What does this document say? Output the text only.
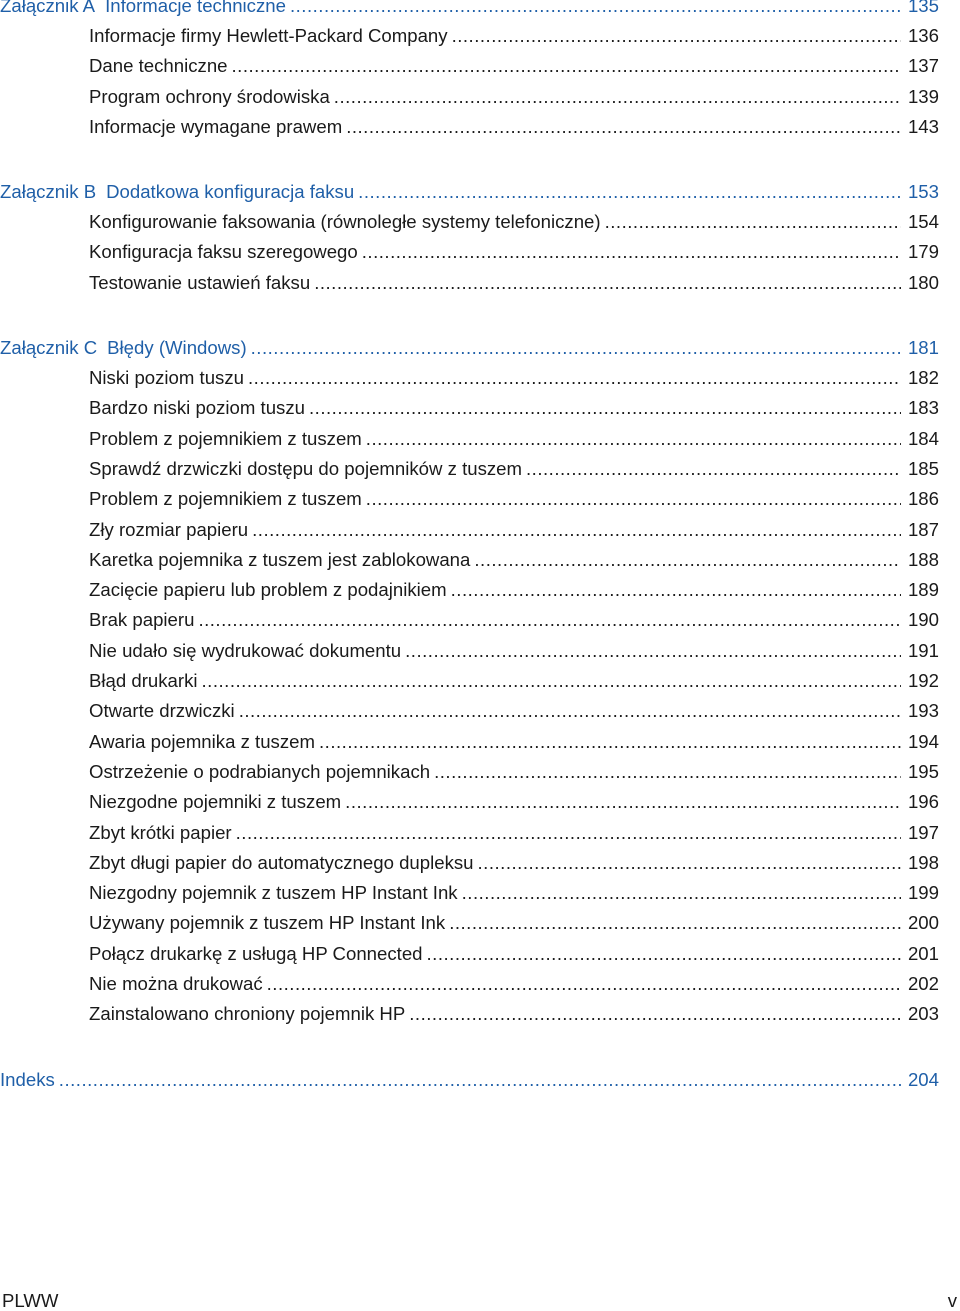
Załącznik A Informacje techniczne .....	135
Informacje firmy Hewlett-Packard Company .....	136
Dane techniczne .....	137
Program ochrony środowiska .....	139
Informacje wymagane prawem .....	143
Załącznik B Dodatkowa konfiguracja faksu .....	153
Konfigurowanie faksowania (równoległe systemy telefoniczne) .....	154
Konfiguracja faksu szeregowego .....	179
Testowanie ustawień faksu .....	180
Załącznik C Błędy (Windows) .....	181
Niski poziom tuszu .....	182
Bardzo niski poziom tuszu .....	183
Problem z pojemnikiem z tuszem .....	184
Sprawdź drzwiczki dostępu do pojemników z tuszem .....	185
Problem z pojemnikiem z tuszem .....	186
Zły rozmiar papieru .....	187
Karetka pojemnika z tuszem jest zablokowana .....	188
Zacięcie papieru lub problem z podajnikiem .....	189
Brak papieru .....	190
Nie udało się wydrukować dokumentu .....	191
Błąd drukarki .....	192
Otwarte drzwiczki .....	193
Awaria pojemnika z tuszem .....	194
Ostrzeżenie o podrabianych pojemnikach .....	195
Niezgodne pojemniki z tuszem .....	196
Zbyt krótki papier .....	197
Zbyt długi papier do automatycznego dupleksu .....	198
Niezgodny pojemnik z tuszem HP Instant Ink .....	199
Używany pojemnik z tuszem HP Instant Ink .....	200
Połącz drukarkę z usługą HP Connected .....	201
Nie można drukować .....	202
Zainstalowano chroniony pojemnik HP .....	203
Indeks .....	204
PLWW	v
